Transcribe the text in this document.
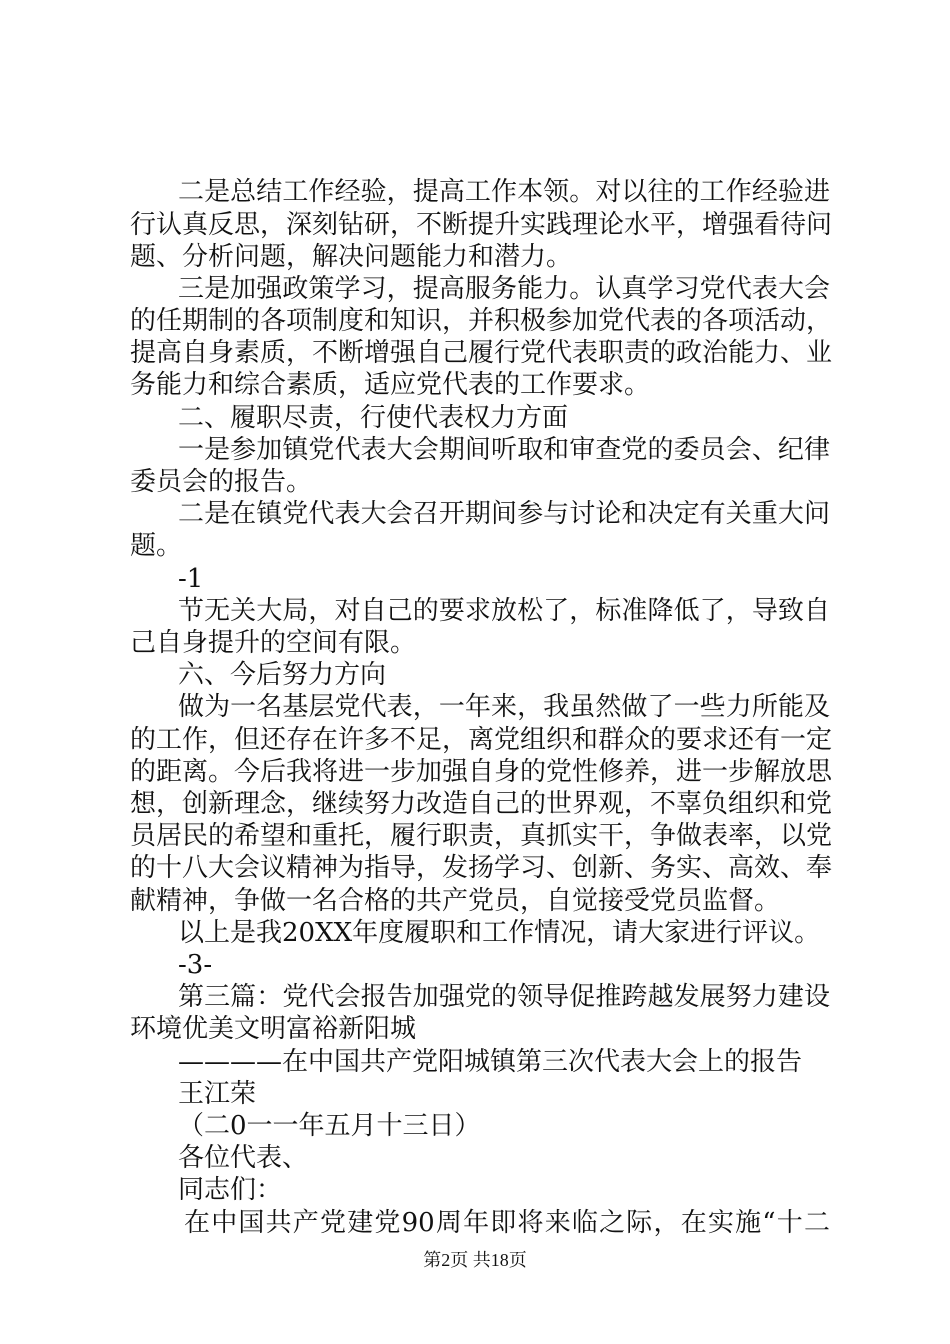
二是总结工作经验，提高工作本领。对以往的工作经验进
行认真反思，深刻钻研，不断提升实践理论水平，增强看待问
题、分析问题，解决问题能力和潜力。
三是加强政策学习，提高服务能力。认真学习党代表大会
的任期制的各项制度和知识，并积极参加党代表的各项活动，
提高自身素质，不断增强自己履行党代表职责的政治能力、业
务能力和综合素质，适应党代表的工作要求。
二、履职尽责，行使代表权力方面
一是参加镇党代表大会期间听取和审查党的委员会、纪律
委员会的报告。
二是在镇党代表大会召开期间参与讨论和决定有关重大问
题。
-1
节无关大局，对自己的要求放松了，标准降低了，导致自
己自身提升的空间有限。
六、今后努力方向
做为一名基层党代表，一年来，我虽然做了一些力所能及
的工作，但还存在许多不足，离党组织和群众的要求还有一定
的距离。今后我将进一步加强自身的党性修养，进一步解放思
想，创新理念，继续努力改造自己的世界观，不辜负组织和党
员居民的希望和重托，履行职责，真抓实干，争做表率，以党
的十八大会议精神为指导，发扬学习、创新、务实、高效、奉
献精神，争做一名合格的共产党员，自觉接受党员监督。
以上是我20XX年度履职和工作情况，请大家进行评议。
-3-
第三篇：党代会报告加强党的领导促推跨越发展努力建设
环境优美文明富裕新阳城
————在中国共产党阳城镇第三次代表大会上的报告
王江荣
（二0一一年五月十三日）
各位代表、
同志们：
在中国共产党建党90周年即将来临之际，在实施“十二
第2页 共18页
